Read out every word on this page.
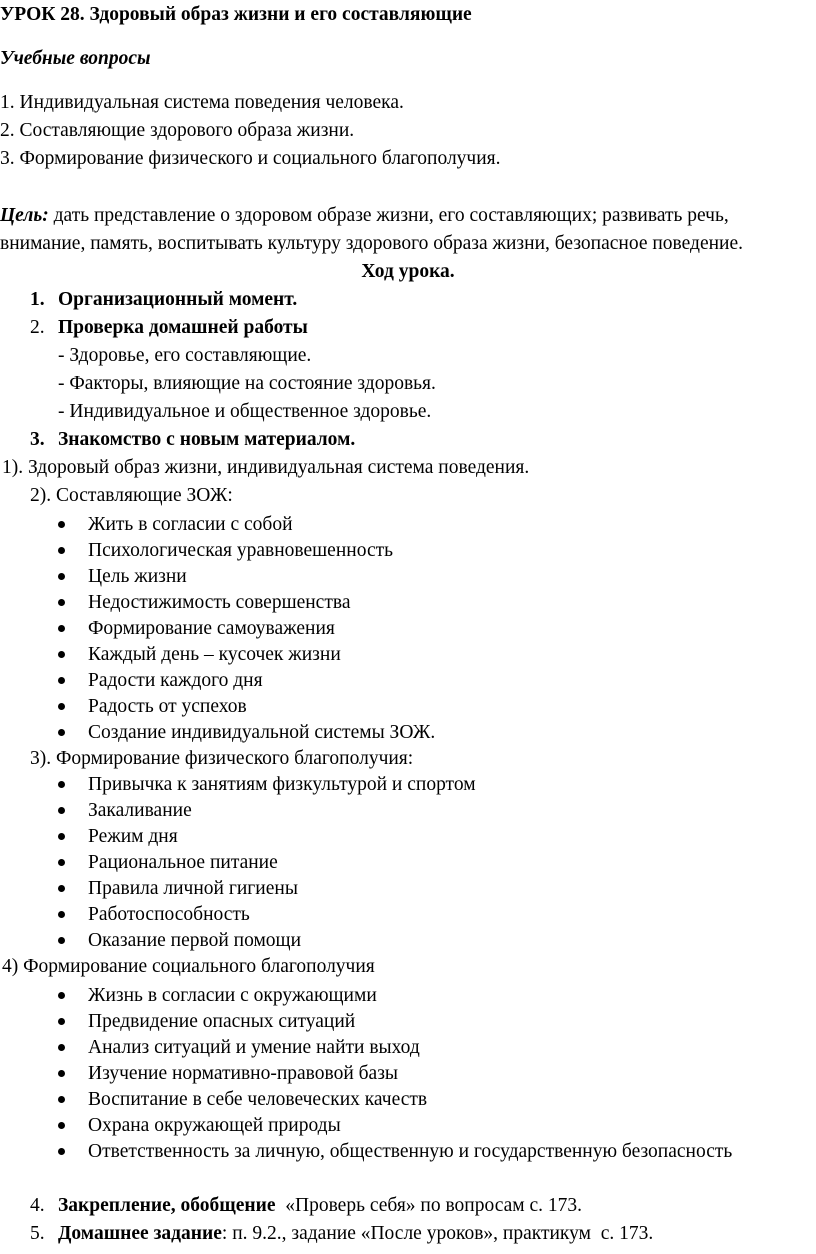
УРОК 28. Здоровый образ жизни и его составляющие
Учебные вопросы
1. Индивидуальная система поведения человека.
2. Составляющие здорового образа жизни.
3. Формирование физического и социального благополучия.
Цель: дать представление о здоровом образе жизни, его составляющих; развивать речь,
внимание, память, воспитывать культуру здорового образа жизни, безопасное поведение.
Ход урока.
1. Организационный момент.
2. Проверка домашней работы
- Здоровье, его составляющие.
- Факторы, влияющие на состояние здоровья.
- Индивидуальное и общественное здоровье.
3. Знакомство с новым материалом.
1). Здоровый образ жизни, индивидуальная система поведения.
2). Составляющие ЗОЖ:
Жить в согласии с собой
Психологическая уравновешенность
Цель жизни
Недостижимость совершенства
Формирование самоуважения
Каждый день – кусочек жизни
Радости каждого дня
Радость от успехов
Создание индивидуальной системы ЗОЖ.
3). Формирование физического благополучия:
Привычка к занятиям физкультурой и спортом
Закаливание
Режим дня
Рациональное питание
Правила личной гигиены
Работоспособность
Оказание первой помощи
4) Формирование социального благополучия
Жизнь в согласии с окружающими
Предвидение опасных ситуаций
Анализ ситуаций и умение найти выход
Изучение нормативно-правовой базы
Воспитание в себе человеческих качеств
Охрана окружающей природы
Ответственность за личную, общественную и государственную безопасность
4. Закрепление, обобщение  «Проверь себя» по вопросам с. 173.
5. Домашнее задание: п. 9.2., задание «После уроков», практикум  с. 173.
